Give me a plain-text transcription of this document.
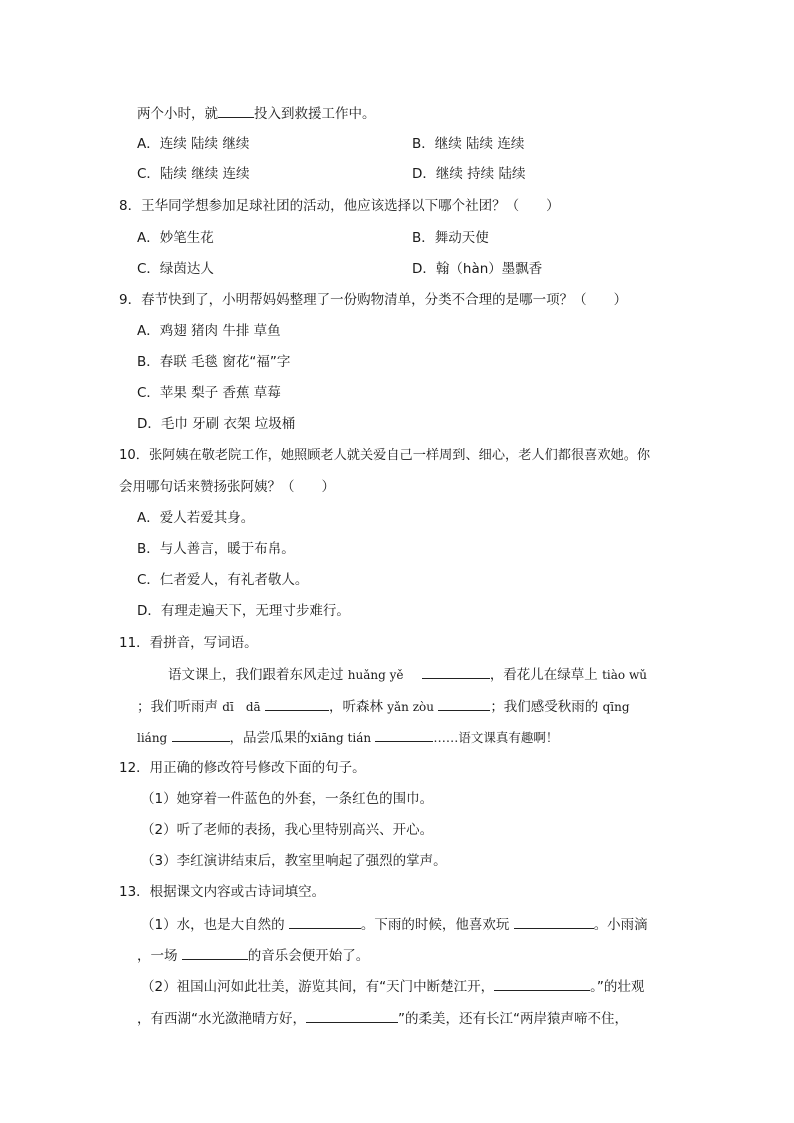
两个小时，就	投入到救援工作中。
A．连续 陆续 继续	B．继续 陆续 连续
C．陆续 继续 连续	D．继续 持续 陆续
8．王华同学想参加足球社团的活动，他应该选择以下哪个社团？（　　）
A．妙笔生花	B．舞动天使
C．绿茵达人	D．翰（hàn）墨飘香
9．春节快到了，小明帮妈妈整理了一份购物清单，分类不合理的是哪一项？（　　）
A．鸡翅 猪肉 牛排 草鱼
B．春联 毛毯 窗花“福”字
C．苹果 梨子 香蕉 草莓
D．毛巾 牙刷 衣架 垃圾桶
10．张阿姨在敬老院工作，她照顾老人就关爱自己一样周到、细心，老人们都很喜欢她。你
会用哪句话来赞扬张阿姨？（　　）
A．爱人若爱其身。
B．与人善言，暖于布帛。
C．仁者爱人，有礼者敬人。
D．有理走遍天下，无理寸步难行。
11．看拼音，写词语。
语文课上，我们跟着东风走过 huǎng yě	，看花儿在绿草上 tiào wǔ
；我们听雨声 dī　dā	，听森林 yǎn zòu	；我们感受秋雨的 qīng
liáng	，品尝瓜果的xiāng tián	……语文课真有趣啊！
12．用正确的修改符号修改下面的句子。
（1）她穿着一件蓝色的外套，一条红色的围巾。
（2）听了老师的表扬，我心里特别高兴、开心。
（3）李红演讲结束后，教室里响起了强烈的掌声。
13．根据课文内容或古诗词填空。
（1）水，也是大自然的	。下雨的时候，他喜欢玩	。小雨滴
，一场	的音乐会便开始了。
（2）祖国山河如此壮美，游览其间，有“天门中断楚江开，	。”的壮观
，有西湖“水光潋滟晴方好，	”的柔美，还有长江“两岸猿声啼不住，
